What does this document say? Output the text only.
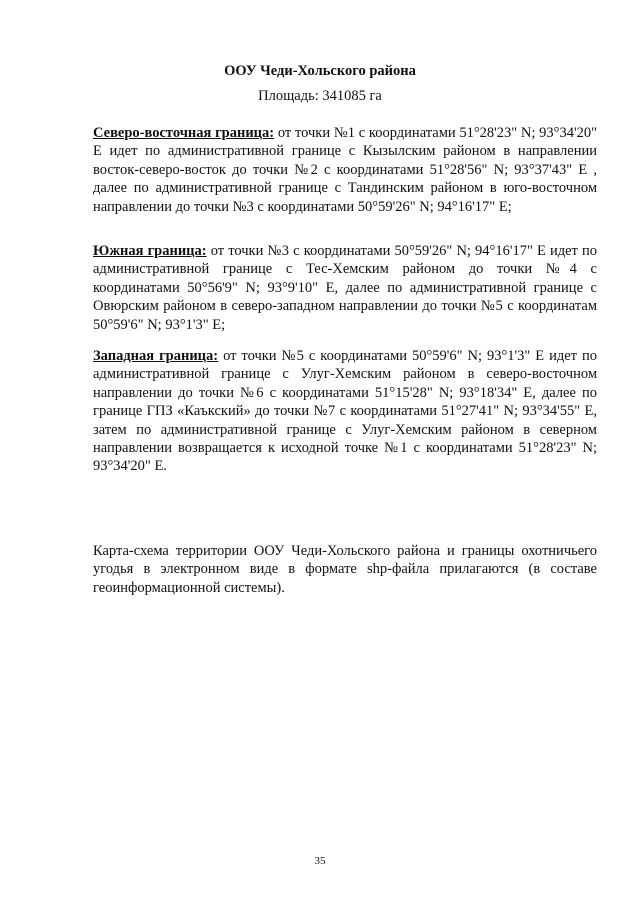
ООУ Чеди-Хольского района
Площадь: 341085 га

Северо-восточная граница: от точки №1 с координатами 51°28'23" N; 93°34'20" E идет по административной границе с Кызылским районом в направлении восток-северо-восток до точки №2 с координатами 51°28'56" N; 93°37'43" E , далее по административной границе с Тандинским районом в юго-восточном направлении до точки №3 с координатами 50°59'26" N; 94°16'17" E;

Южная граница: от точки №3 с координатами 50°59'26" N; 94°16'17" E идет по административной границе с Тес-Хемским районом до точки №4 с координатами 50°56'9" N; 93°9'10" E, далее по административной границе с Овюрским районом в северо-западном направлении до точки №5 с координатам 50°59'6" N; 93°1'3" E;

Западная граница: от точки №5 с координатами 50°59'6" N; 93°1'3" E идет по административной границе с Улуг-Хемским районом в северо-восточном направлении до точки №6 с координатами 51°15'28" N; 93°18'34" E, далее по границе ГПЗ «Каъкский» до точки №7 с координатами 51°27'41" N; 93°34'55" E, затем по административной границе с Улуг-Хемским районом в северном направлении возвращается к исходной точке №1 с координатами 51°28'23" N; 93°34'20" E.

Карта-схема территории ООУ Чеди-Хольского района и границы охотничьего угодья в электронном виде в формате shp-файла прилагаются (в составе геоинформационной системы).

35
